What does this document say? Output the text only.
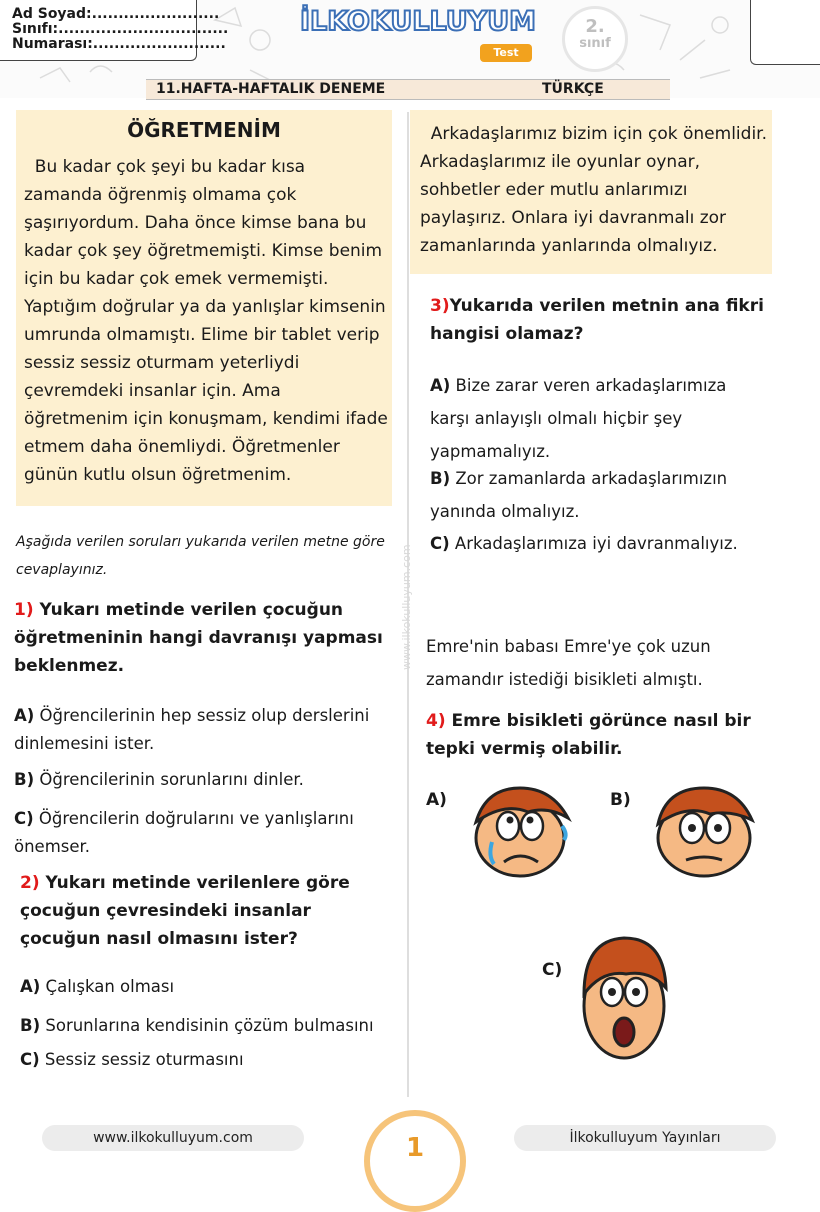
Ad Soyad:........................
Sınıfı:................................
Numarası:.........................
İLKOKULLUYUM
Test
2.
sınıf
11.HAFTA-HAFTALIK DENEME	TÜRKÇE
ÖĞRETMENİM
Bu kadar çok şeyi bu kadar kısa zamanda öğrenmiş olmama çok şaşırıyordum. Daha önce kimse bana bu kadar çok şey öğretmemişti. Kimse benim için bu kadar çok emek vermemişti. Yaptığım doğrular ya da yanlışlar kimsenin umrunda olmamıştı. Elime bir tablet verip sessiz sessiz oturmam yeterliydi çevremdeki insanlar için. Ama öğretmenim için konuşmam, kendimi ifade etmem daha önemliydi. Öğretmenler günün kutlu olsun öğretmenim.
Aşağıda verilen soruları yukarıda verilen metne göre cevaplayınız.
1) Yukarı metinde verilen çocuğun öğretmeninin hangi davranışı yapması beklenmez.
A) Öğrencilerinin hep sessiz olup derslerini dinlemesini ister.
B) Öğrencilerinin sorunlarını dinler.
C) Öğrencilerin doğrularını ve yanlışlarını önemser.
2) Yukarı metinde verilenlere göre çocuğun çevresindeki insanlar çocuğun nasıl olmasını ister?
A) Çalışkan olması
B) Sorunlarına kendisinin çözüm bulmasını
C) Sessiz sessiz oturmasını
www.ilkokulluyum.com
Arkadaşlarımız bizim için çok önemlidir. Arkadaşlarımız ile oyunlar oynar, sohbetler eder mutlu anlarımızı paylaşırız. Onlara iyi davranmalı zor zamanlarında yanlarında olmalıyız.
3)Yukarıda verilen metnin ana fikri hangisi olamaz?
A) Bize zarar veren arkadaşlarımıza karşı anlayışlı olmalı hiçbir şey yapmamalıyız.
B) Zor zamanlarda arkadaşlarımızın yanında olmalıyız.
C) Arkadaşlarımıza iyi davranmalıyız.
Emre'nin babası Emre'ye çok uzun zamandır istediği bisikleti almıştı.
4) Emre bisikleti görünce nasıl bir tepki vermiş olabilir.
A)	B)
C)
www.ilkokulluyum.com	İlkokulluyum Yayınları
1
